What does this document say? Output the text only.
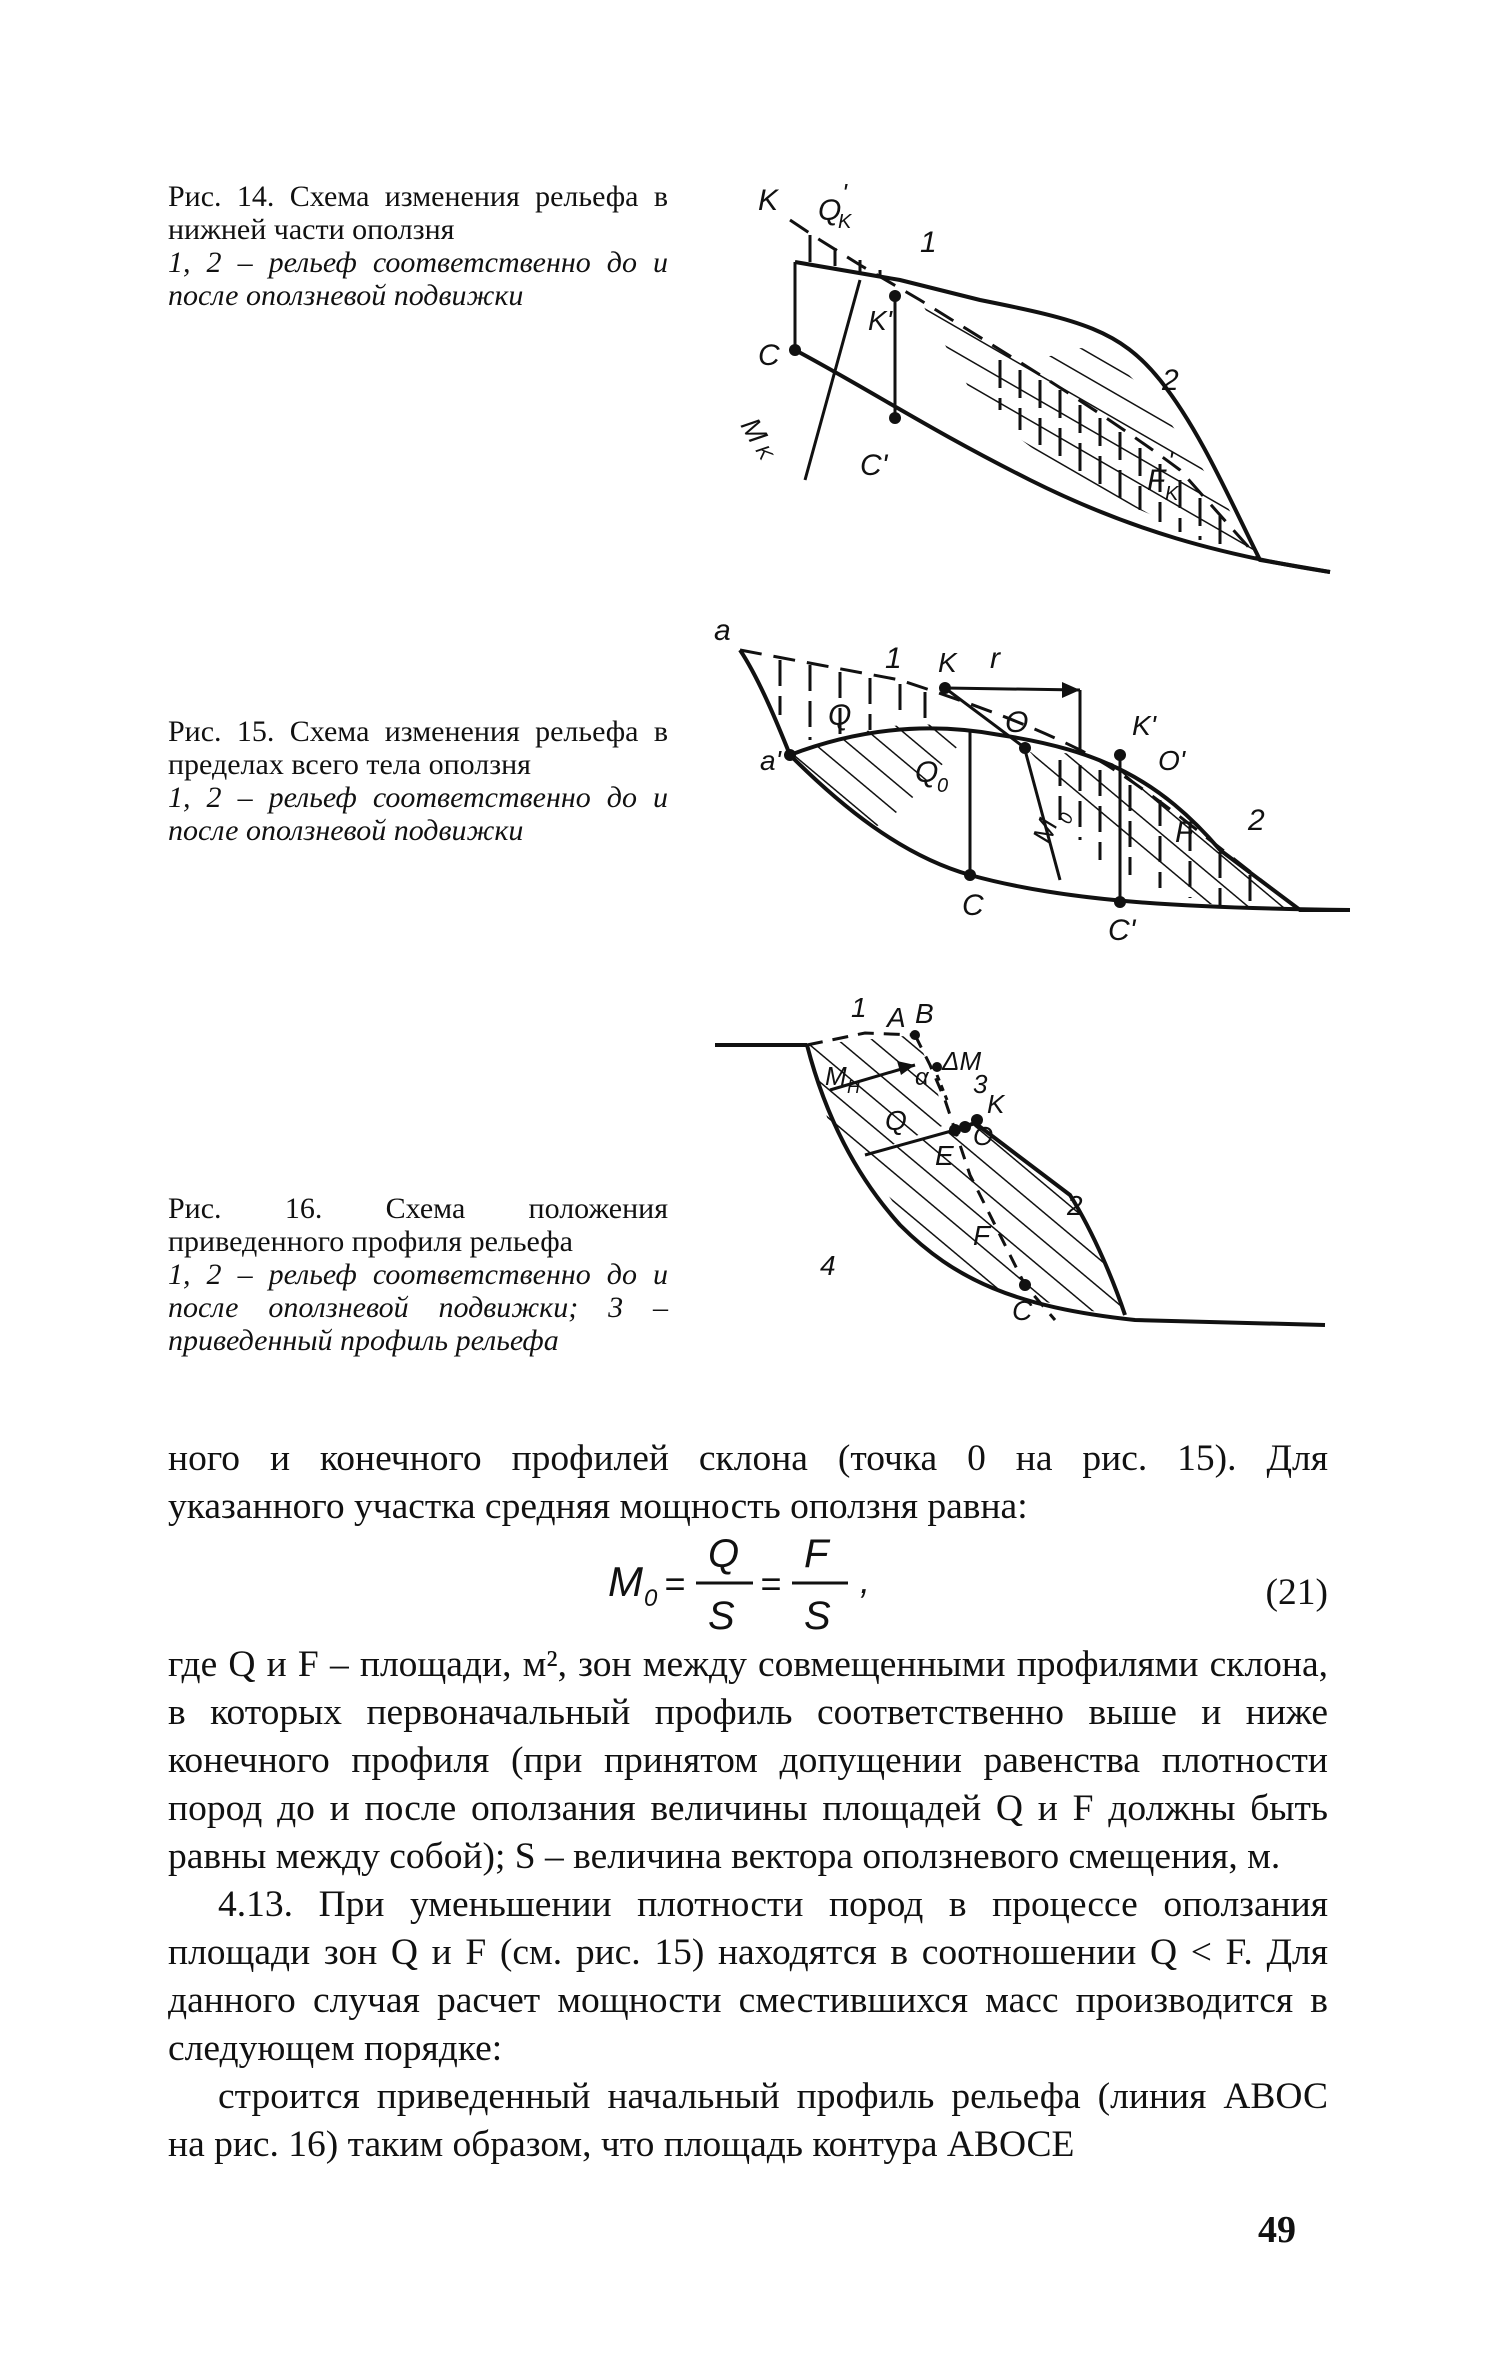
Рис. 14. Схема изменения рельефа в нижней части оползня
1, 2 – рельеф соответственно до и после оползневой подвижки
K Q
K
'
1
K'
C
M
K	C'
2
F K
'
Рис. 15. Схема изменения рельефа в пределах всего тела оползня
1, 2 – рельеф соответственно до и после оползневой подвижки
a
a'
1
Q
K r
O
Q
0
K'
O'
M
0	F 2
C
C'
Рис. 16. Схема положения приведенного профиля рельефа
1, 2 – рельеф соответственно до и после оползневой подвижки; 3 – приведенный профиль рельефа
1 A B
M H α
ΔM
3
K
Q	O
E
2
F
4
C

ного и конечного профилей склона (точка 0 на рис. 15). Для

указанного участка средняя мощность оползня равна:

M 0 =
Q
S
=
F
S
,	(21)

где Q и F – площади, м², зон между совмещенными профилями склона, в которых первоначальный профиль соответственно выше и ниже конечного профиля (при принятом допущении равенства плотности пород до и после оползания величины площадей Q и F должны быть равны между собой); S – величина вектора оползневого смещения, м.

4.13. При уменьшении плотности пород в процессе оползания площади зон Q и F (см. рис. 15) находятся в соотношении Q < F. Для данного случая расчет мощности сместившихся масс производится в следующем порядке:

строится приведенный начальный профиль рельефа (линия АВОС на рис. 16) таким образом, что площадь контура АВОСЕ

49
